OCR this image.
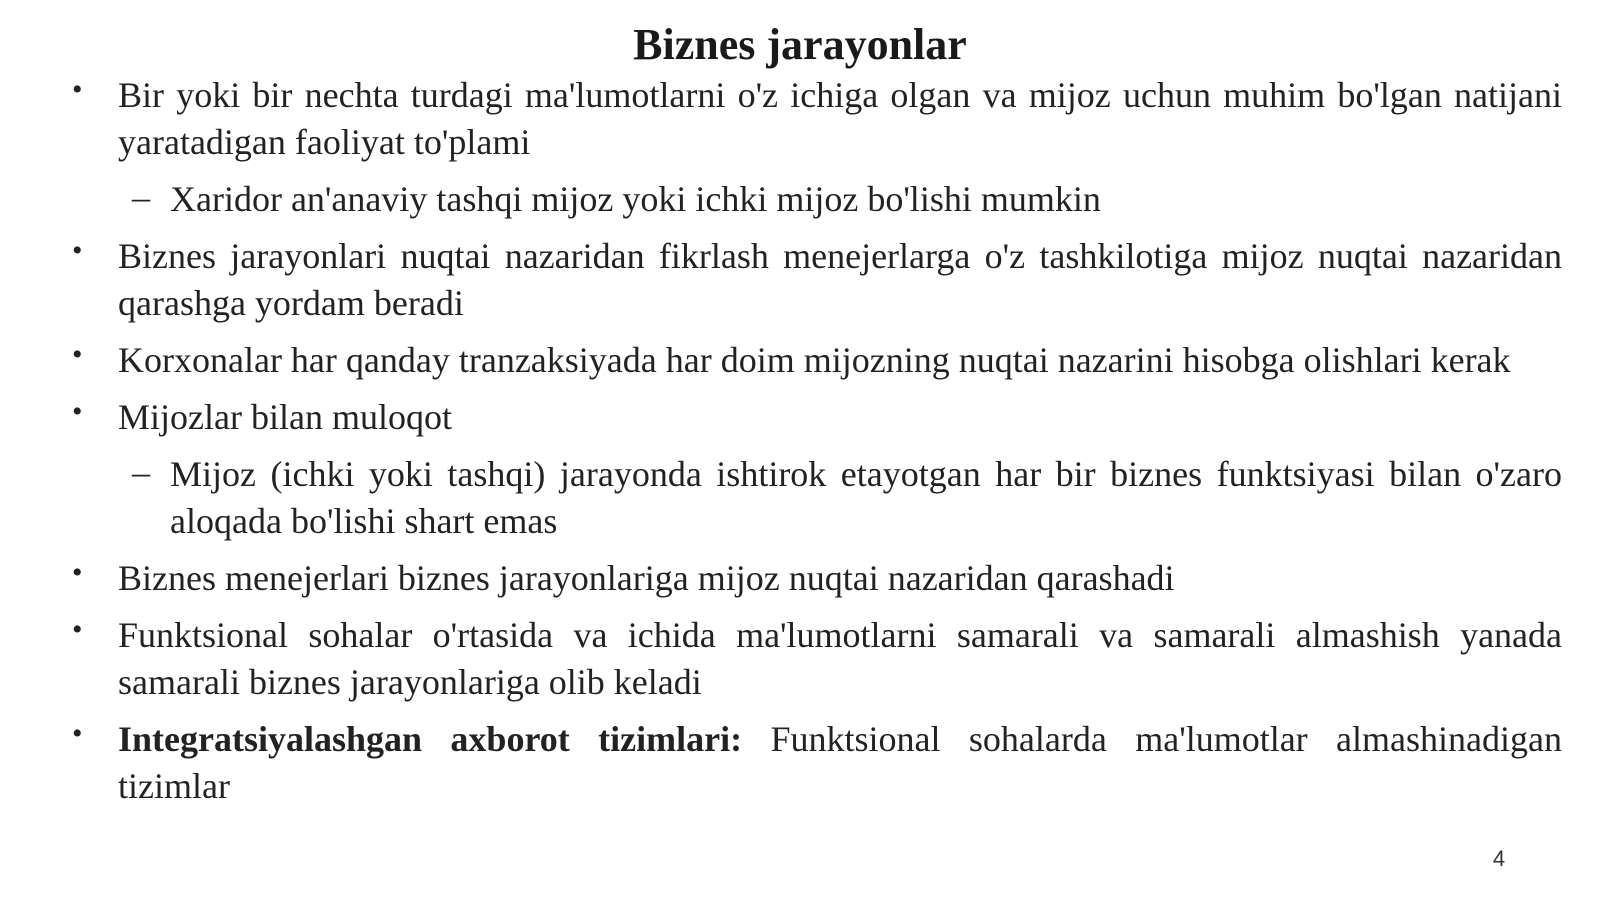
Biznes jarayonlar
• Bir yoki bir nechta turdagi ma'lumotlarni o'z ichiga olgan va mijoz uchun muhim bo'lgan natijani yaratadigan faoliyat to'plami
– Xaridor an'anaviy tashqi mijoz yoki ichki mijoz bo'lishi mumkin
• Biznes jarayonlari nuqtai nazaridan fikrlash menejerlarga o'z tashkilotiga mijoz nuqtai nazaridan qarashga yordam beradi
• Korxonalar har qanday tranzaksiyada har doim mijozning nuqtai nazarini hisobga olishlari kerak
• Mijozlar bilan muloqot
– Mijoz (ichki yoki tashqi) jarayonda ishtirok etayotgan har bir biznes funktsiyasi bilan o'zaro aloqada bo'lishi shart emas
• Biznes menejerlari biznes jarayonlariga mijoz nuqtai nazaridan qarashadi
• Funktsional sohalar o'rtasida va ichida ma'lumotlarni samarali va samarali almashish yanada samarali biznes jarayonlariga olib keladi
• Integratsiyalashgan axborot tizimlari: Funktsional sohalarda ma'lumotlar almashinadigan tizimlar
4
